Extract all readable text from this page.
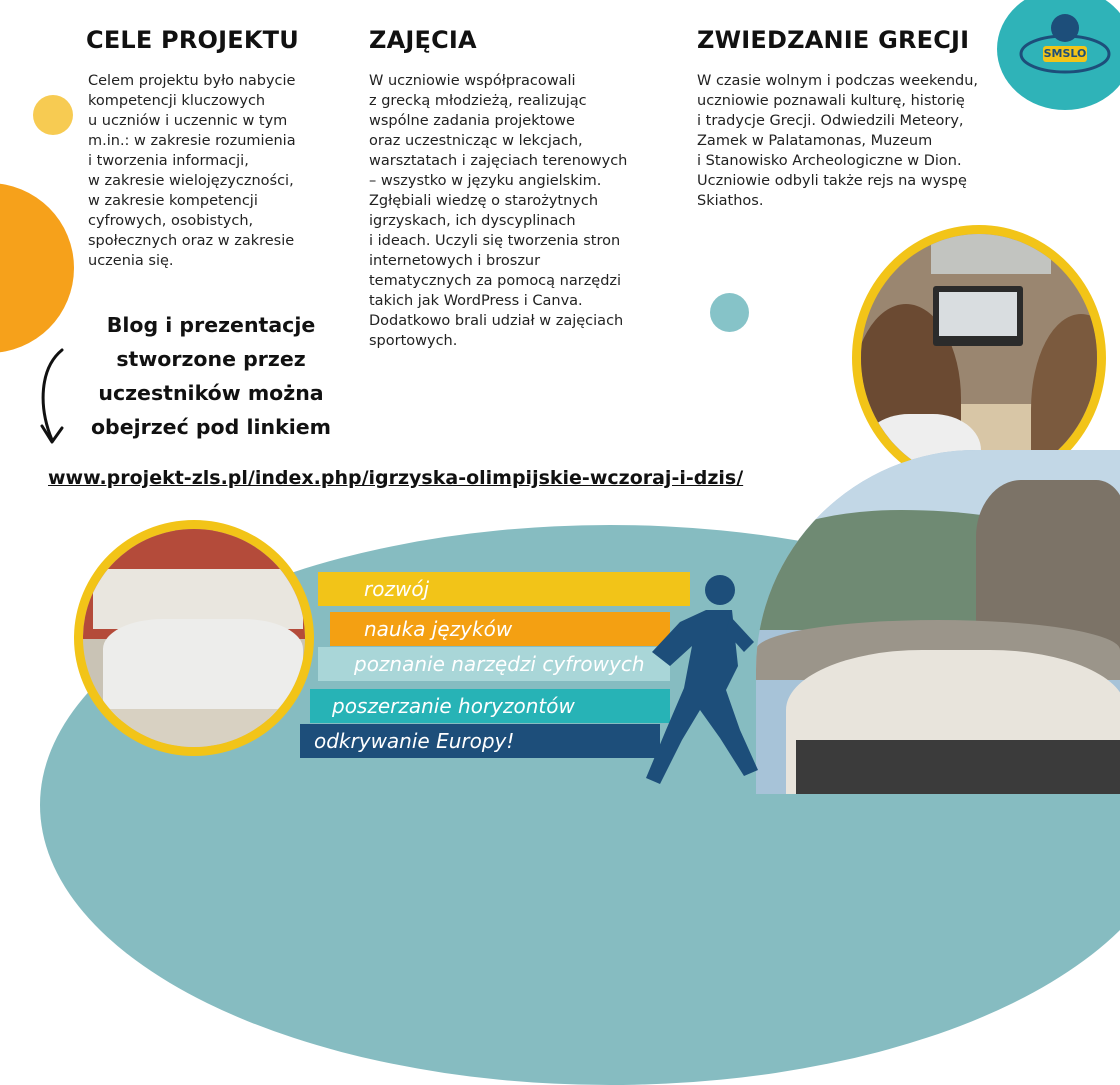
SMSLO
CELE PROJEKTU	ZAJĘCIA	ZWIEDZANIE GRECJI
Celem projektu było nabycie
kompetencji kluczowych
u uczniów i uczennic w tym
m.in.: w zakresie rozumienia
i tworzenia informacji,
w zakresie wielojęzyczności,
w zakresie kompetencji
cyfrowych, osobistych,
społecznych oraz w zakresie
uczenia się.
W uczniowie współpracowali
z grecką młodzieżą, realizując
wspólne zadania projektowe
oraz uczestnicząc w lekcjach,
warsztatach i zajęciach terenowych
– wszystko w języku angielskim.
Zgłębiali wiedzę o starożytnych
igrzyskach, ich dyscyplinach
i ideach. Uczyli się tworzenia stron
internetowych i broszur
tematycznych za pomocą narzędzi
takich jak WordPress i Canva.
Dodatkowo brali udział w zajęciach
sportowych.
W czasie wolnym i podczas weekendu,
uczniowie poznawali kulturę, historię
i tradycje Grecji. Odwiedzili Meteory,
Zamek w Palatamonas, Muzeum
i Stanowisko Archeologiczne w Dion.
Uczniowie odbyli także rejs na wyspę
Skiathos.
Blog i prezentacje
stworzone przez
uczestników można
obejrzeć pod linkiem
www.projekt-zls.pl/index.php/igrzyska-olimpijskie-wczoraj-i-dzis/
rozwój
nauka języków
poznanie narzędzi cyfrowych
poszerzanie horyzontów
odkrywanie Europy!
